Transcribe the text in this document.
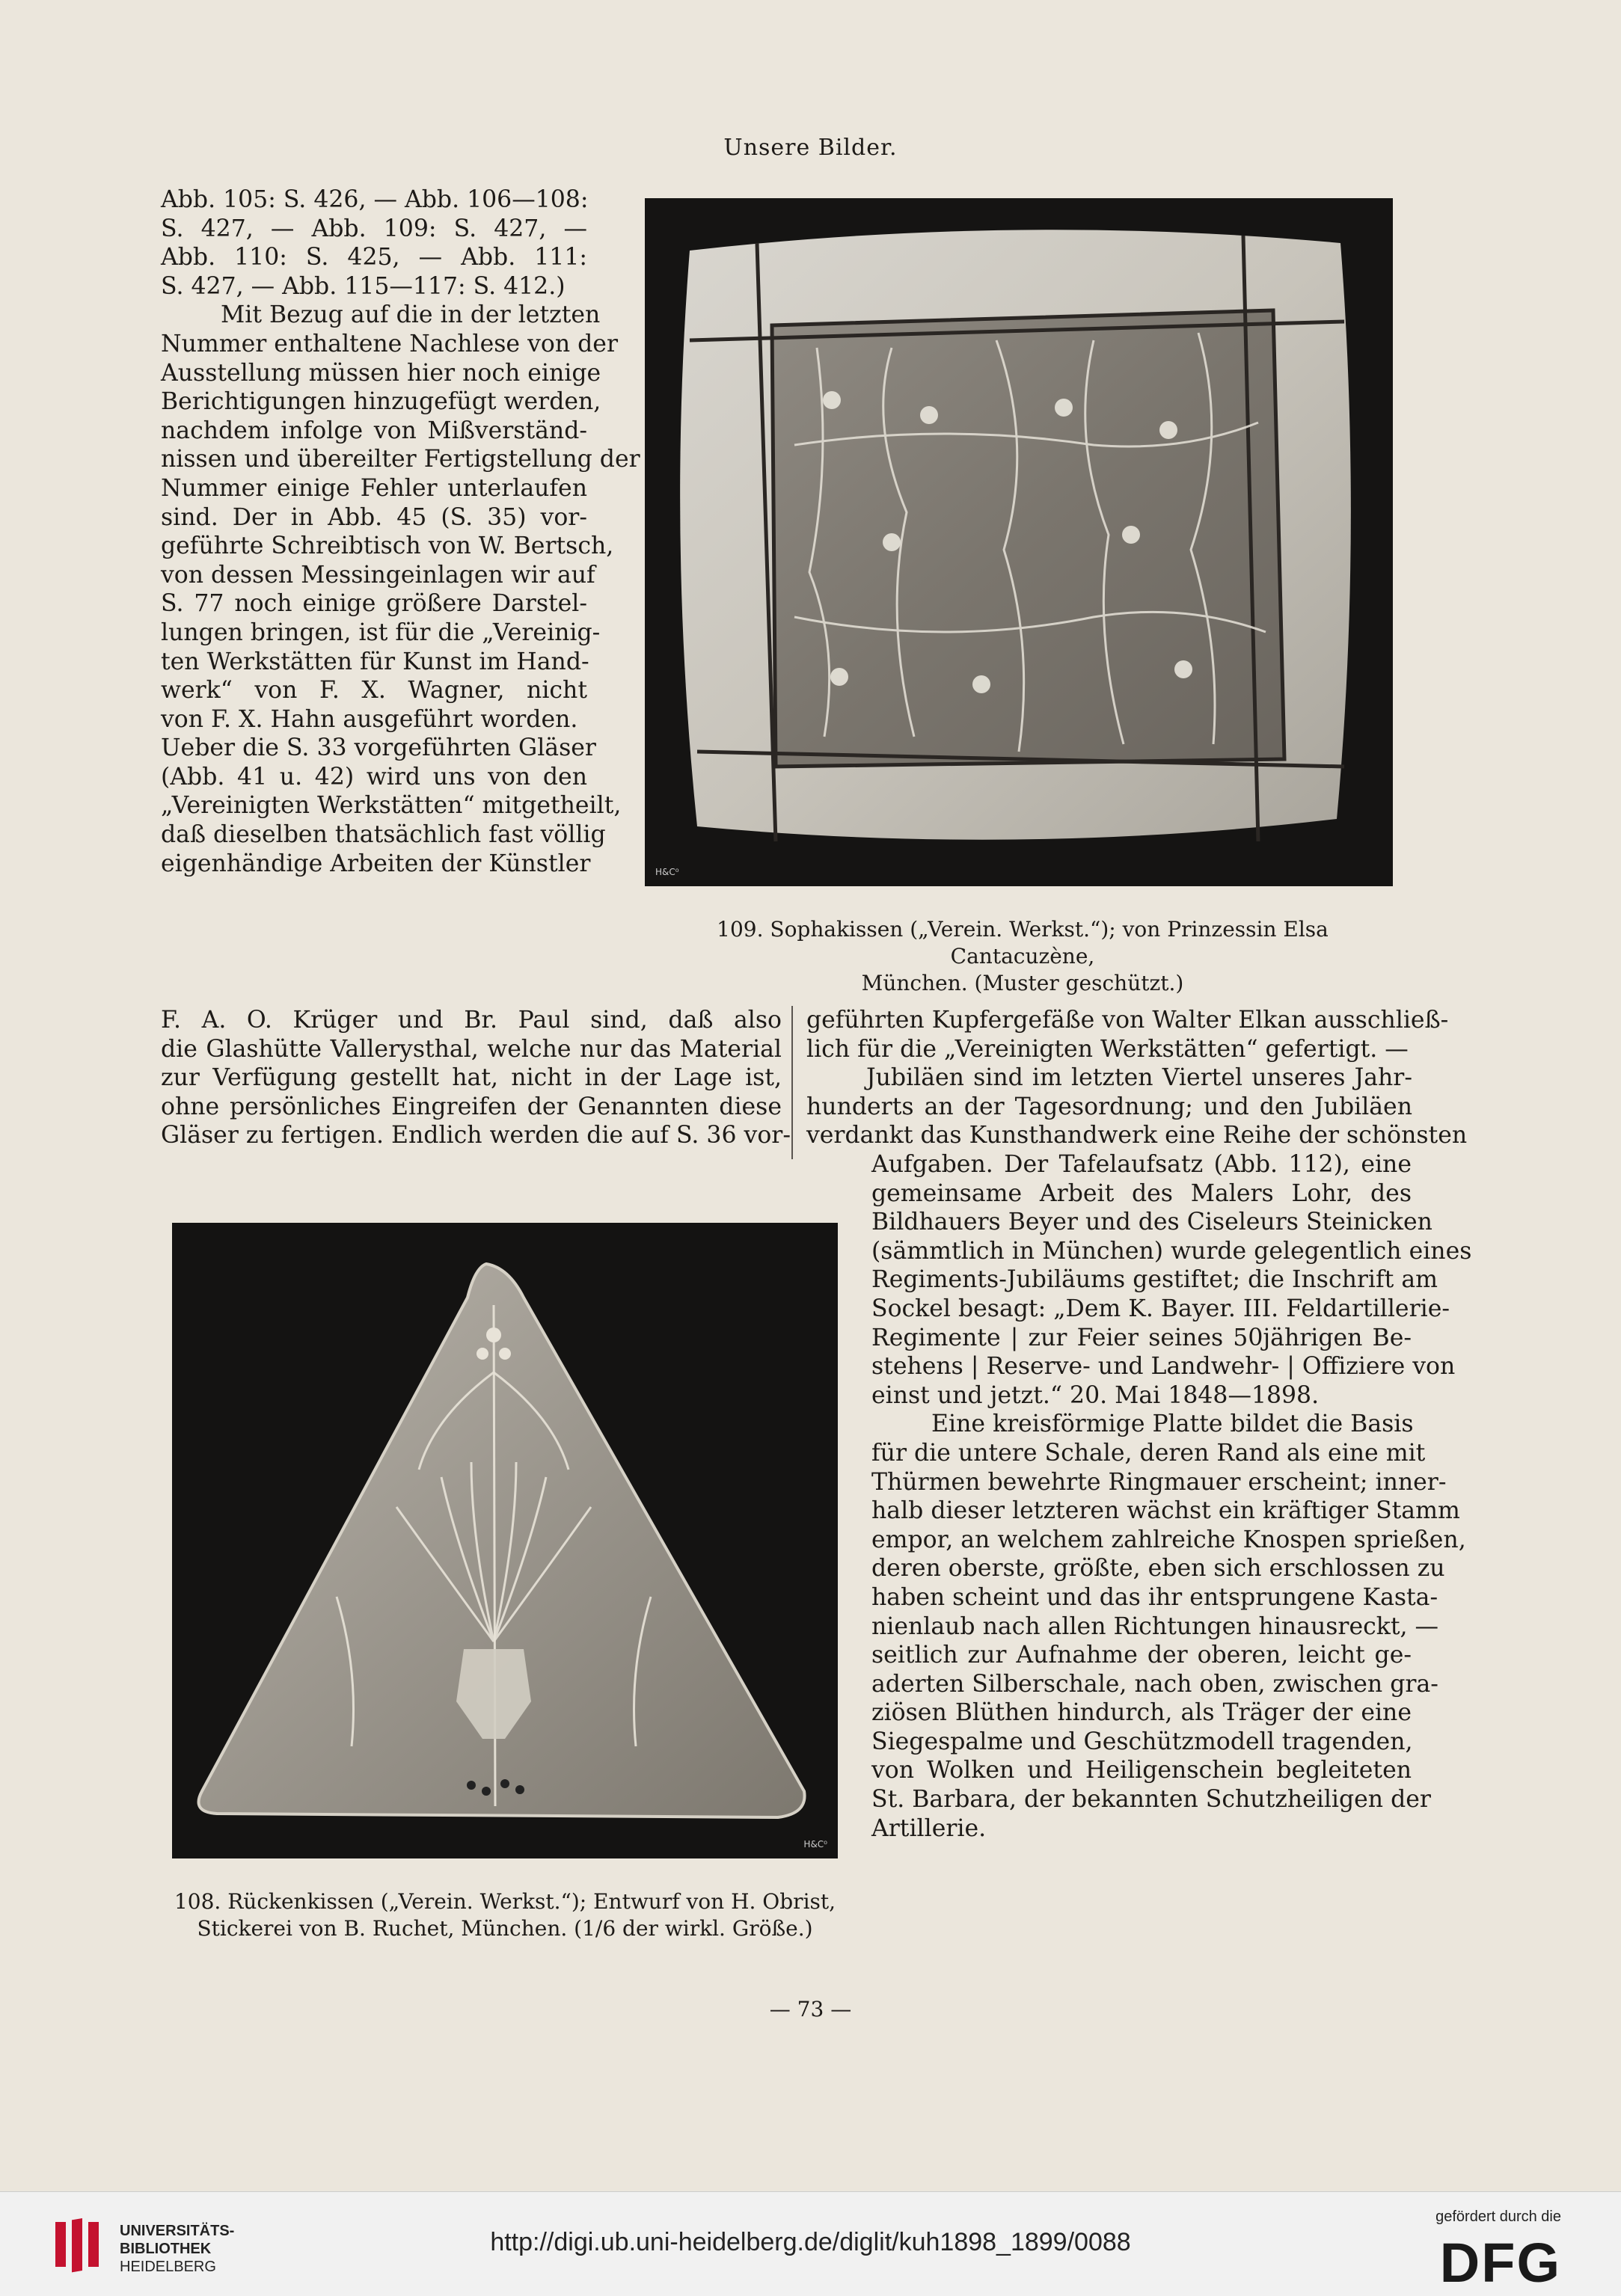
Unsere Bilder.
Abb. 105: S. 426, — Abb. 106—108:
S. 427, — Abb. 109: S. 427, —
Abb. 110: S. 425, — Abb. 111:
S. 427, — Abb. 115—117: S. 412.)
Mit Bezug auf die in der letzten
Nummer enthaltene Nachlese von der
Ausstellung müssen hier noch einige
Berichtigungen hinzugefügt werden,
nachdem infolge von Mißverständ-
nissen und übereilter Fertigstellung der
Nummer einige Fehler unterlaufen
sind. Der in Abb. 45 (S. 35) vor-
geführte Schreibtisch von W. Bertsch,
von dessen Messingeinlagen wir auf
S. 77 noch einige größere Darstel-
lungen bringen, ist für die „Vereinig-
ten Werkstätten für Kunst im Hand-
werk“ von F. X. Wagner, nicht
von F. X. Hahn ausgeführt worden.
Ueber die S. 33 vorgeführten Gläser
(Abb. 41 u. 42) wird uns von den
„Vereinigten Werkstätten“ mitgetheilt,
daß dieselben thatsächlich fast völlig
eigenhändige Arbeiten der Künstler
F. A. O. Krüger und Br. Paul sind, daß also
die Glashütte Vallerysthal, welche nur das Material
zur Verfügung gestellt hat, nicht in der Lage ist,
ohne persönliches Eingreifen der Genannten diese
Gläser zu fertigen. Endlich werden die auf S. 36 vor-
geführten Kupfergefäße von Walter Elkan ausschließ-
lich für die „Vereinigten Werkstätten“ gefertigt. —
Jubiläen sind im letzten Viertel unseres Jahr-
hunderts an der Tagesordnung; und den Jubiläen
verdankt das Kunsthandwerk eine Reihe der schönsten
Aufgaben. Der Tafelaufsatz (Abb. 112), eine
gemeinsame Arbeit des Malers Lohr, des
Bildhauers Beyer und des Ciseleurs Steinicken
(sämmtlich in München) wurde gelegentlich eines
Regiments-Jubiläums gestiftet; die Inschrift am
Sockel besagt: „Dem K. Bayer. III. Feldartillerie-
Regimente | zur Feier seines 50jährigen Be-
stehens | Reserve- und Landwehr- | Offiziere von
einst und jetzt.“ 20. Mai 1848—1898.
Eine kreisförmige Platte bildet die Basis
für die untere Schale, deren Rand als eine mit
Thürmen bewehrte Ringmauer erscheint; inner-
halb dieser letzteren wächst ein kräftiger Stamm
empor, an welchem zahlreiche Knospen sprießen,
deren oberste, größte, eben sich erschlossen zu
haben scheint und das ihr entsprungene Kasta-
nienlaub nach allen Richtungen hinausreckt, —
seitlich zur Aufnahme der oberen, leicht ge-
aderten Silberschale, nach oben, zwischen gra-
ziösen Blüthen hindurch, als Träger der eine
Siegespalme und Geschützmodell tragenden,
von Wolken und Heiligenschein begleiteten
St. Barbara, der bekannten Schutzheiligen der
Artillerie.
H&C⁰
109. Sophakissen („Verein. Werkst.“); von Prinzessin Elsa Cantacuzène,
München. (Muster geschützt.)
H&C⁰
108. Rückenkissen („Verein. Werkst.“); Entwurf von H. Obrist,
Stickerei von B. Ruchet, München. (1/6 der wirkl. Größe.)
— 73 —
UNIVERSITÄTS-
BIBLIOTHEK
HEIDELBERG
http://digi.ub.uni-heidelberg.de/diglit/kuh1898_1899/0088
gefördert durch die
DFG
